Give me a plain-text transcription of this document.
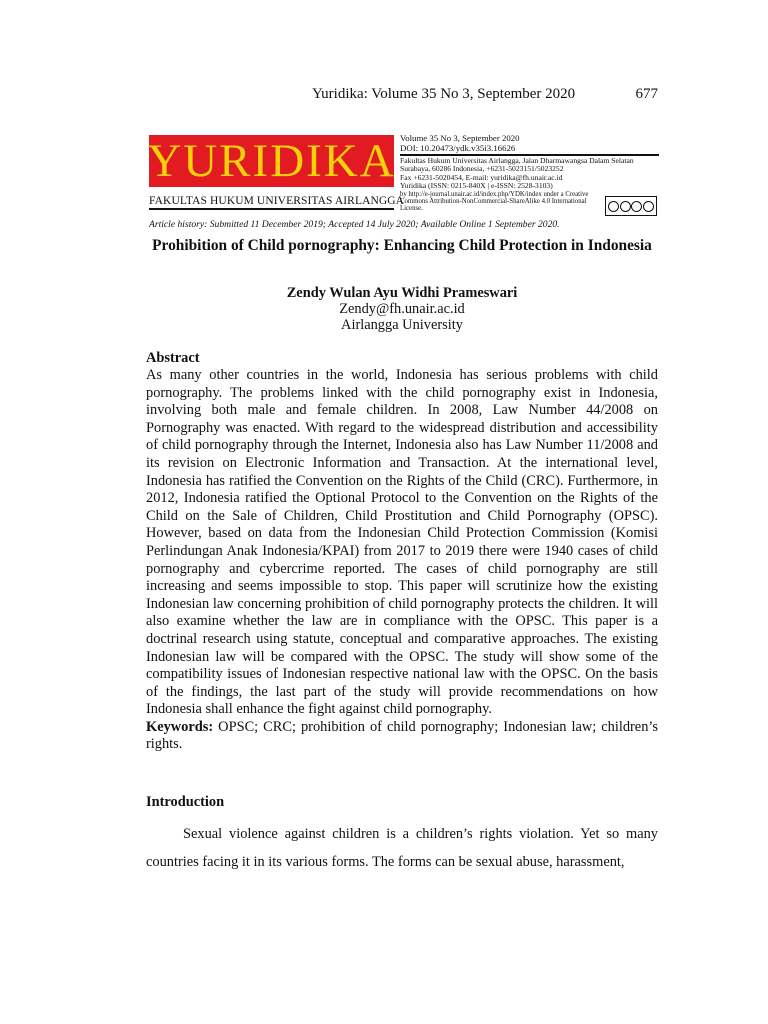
Yuridika: Volume 35 No 3, September 2020	677
YURIDIKA
FAKULTAS HUKUM UNIVERSITAS AIRLANGGA
Volume 35 No 3, September 2020
DOI: 10.20473/ydk.v35i3.16626
Fakultas Hukum Universitas Airlangga, Jalan Dharmawangsa Dalam Selatan
Surabaya, 60286 Indonesia, +6231-5023151/5023252
Fax +6231-5020454, E-mail: yuridika@fh.unair.ac.id
Yuridika (ISSN: 0215-840X | e-ISSN: 2528-3103)
by http://e-journal.unair.ac.id/index.php/YDK/index under a Creative Commons Attribution-NonCommercial-ShareAlike 4.0 International License.
Article history: Submitted 11 December 2019; Accepted 14 July 2020; Available Online 1 September 2020.
Prohibition of Child pornography: Enhancing Child Protection in Indonesia
Zendy Wulan Ayu Widhi Prameswari
Zendy@fh.unair.ac.id
Airlangga University
Abstract

As many other countries in the world, Indonesia has serious problems with child pornography. The problems linked with the child pornography exist in Indonesia, involving both male and female children. In 2008, Law Number 44/2008 on Pornography was enacted. With regard to the widespread distribution and accessibility of child pornography through the Internet, Indonesia also has Law Number 11/2008 and its revision on Electronic Information and Transaction. At the international level, Indonesia has ratified the Convention on the Rights of the Child (CRC). Furthermore, in 2012, Indonesia ratified the Optional Protocol to the Convention on the Rights of the Child on the Sale of Children, Child Prostitution and Child Pornography (OPSC). However, based on data from the Indonesian Child Protection Commission (Komisi Perlindungan Anak Indonesia/KPAI) from 2017 to 2019 there were 1940 cases of child pornography and cybercrime reported. The cases of child pornography are still increasing and seems impossible to stop. This paper will scrutinize how the existing Indonesian law concerning prohibition of child pornography protects the children. It will also examine whether the law are in compliance with the OPSC. This paper is a doctrinal research using statute, conceptual and comparative approaches. The existing Indonesian law will be compared with the OPSC. The study will show some of the compatibility issues of Indonesian respective national law with the OPSC. On the basis of the findings, the last part of the study will provide recommendations on how Indonesia shall enhance the fight against child pornography.

Keywords: OPSC; CRC; prohibition of child pornography; Indonesian law; children’s rights.

Introduction
Sexual violence against children is a children’s rights violation. Yet so many countries facing it in its various forms. The forms can be sexual abuse, harassment,
